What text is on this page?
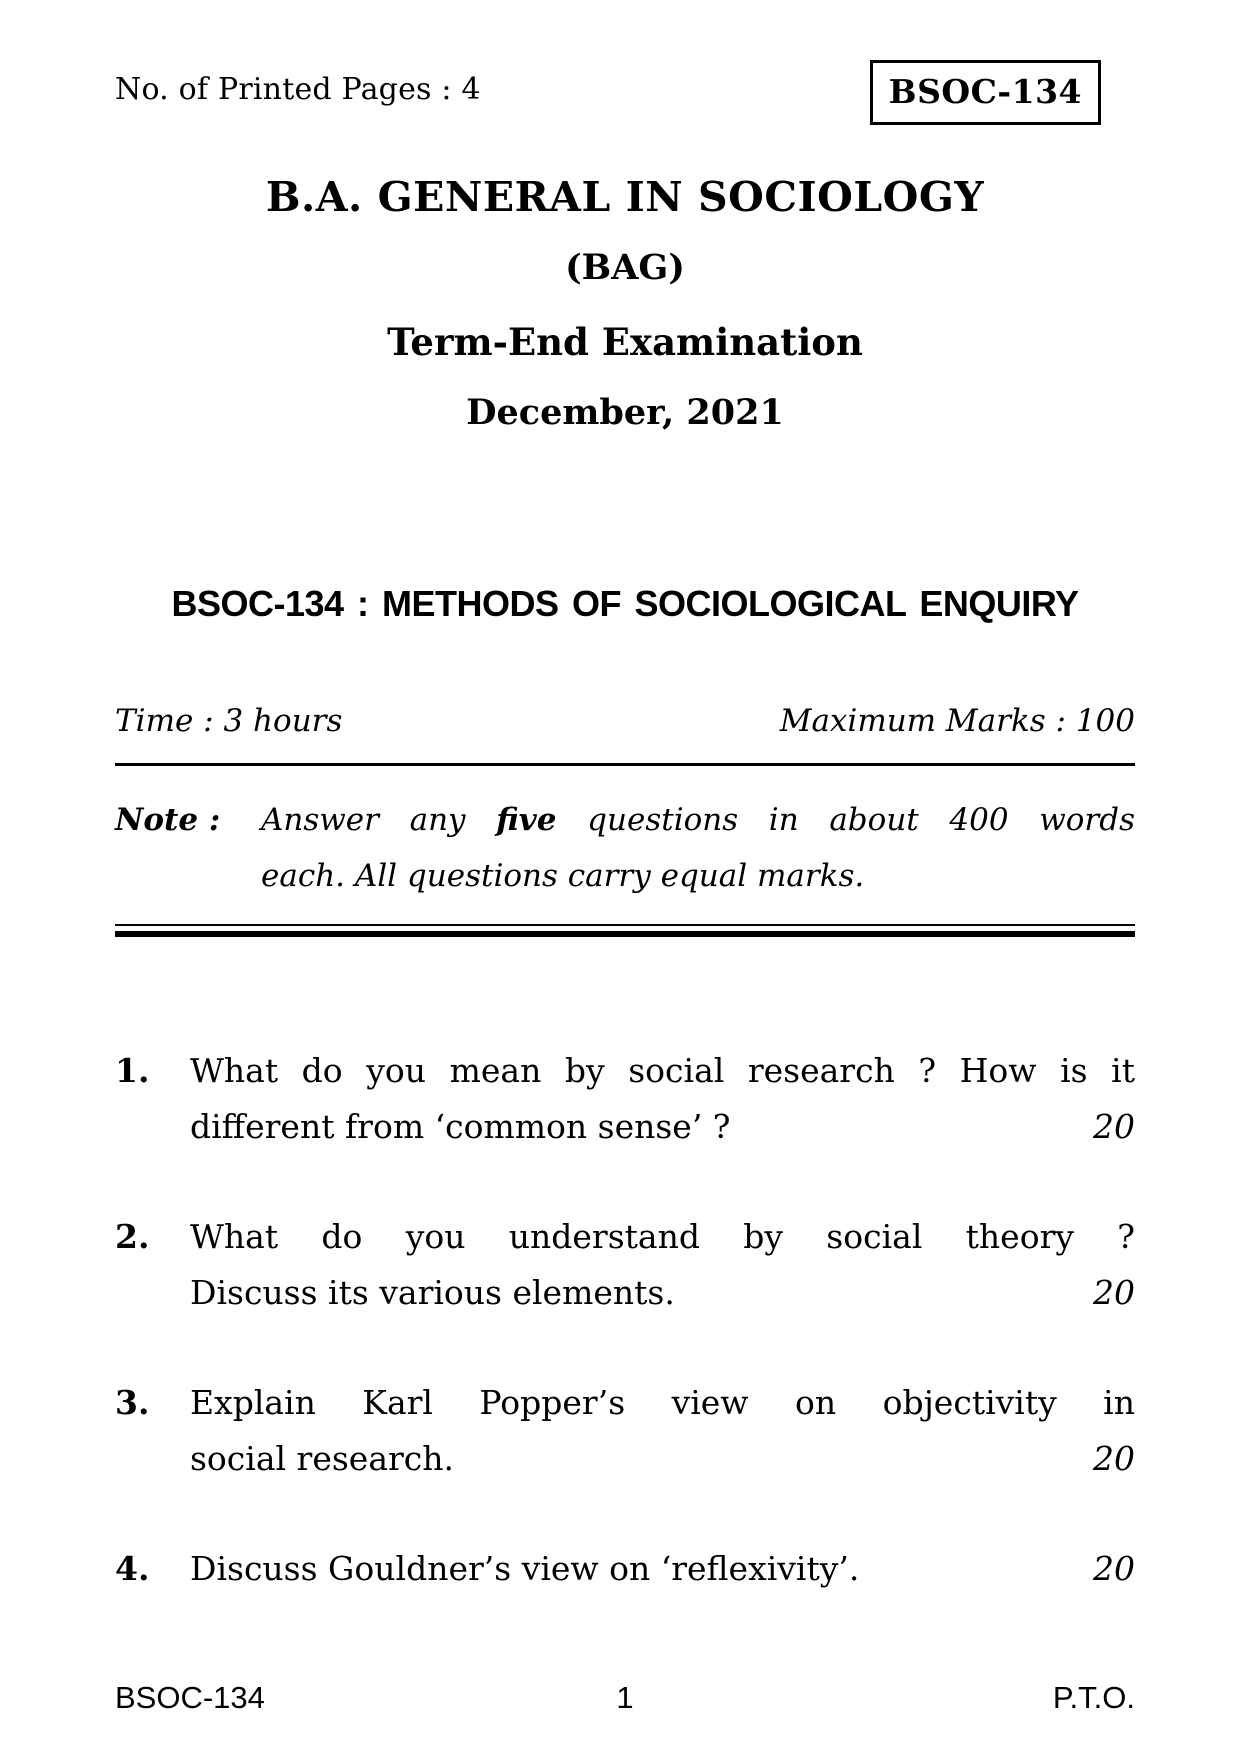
No. of Printed Pages : 4	BSOC-134
B.A. GENERAL IN SOCIOLOGY
(BAG)
Term-End Examination
December, 2021
BSOC-134 : METHODS OF SOCIOLOGICAL ENQUIRY
Time : 3 hours	Maximum Marks : 100
Note :	Answer any five questions in about 400 words
each. All questions carry equal marks.
1.	What do you mean by social research ? How is it
different from ‘common sense’ ?	20
2.	What do you understand by social theory ?
Discuss its various elements.	20
3.	Explain Karl Popper’s view on objectivity in
social research.	20
4.	Discuss Gouldner’s view on ‘reflexivity’.	20
BSOC-134	1	P.T.O.
